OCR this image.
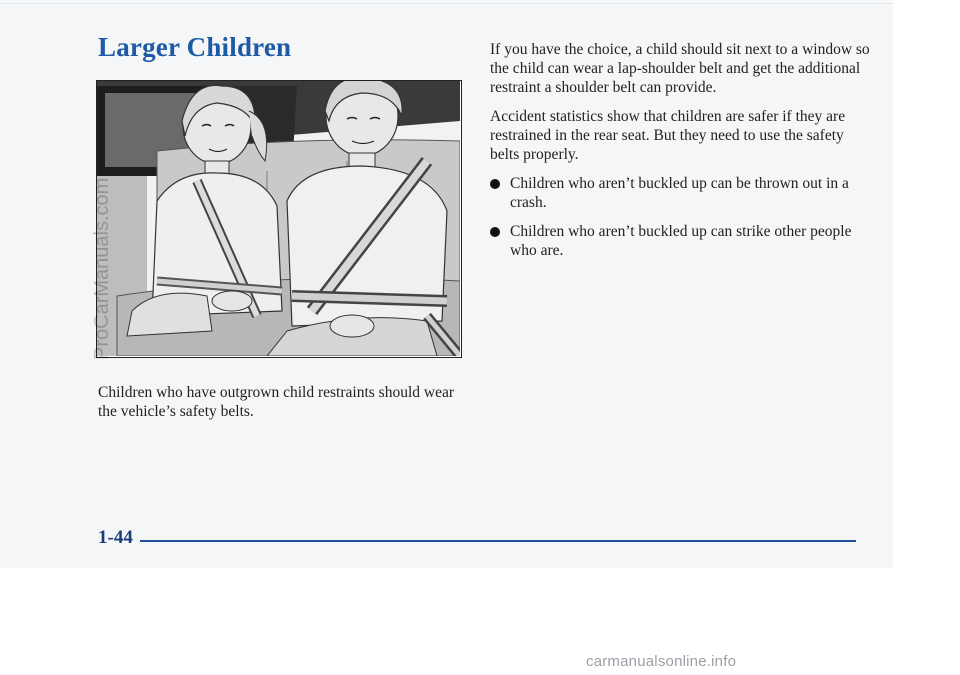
Larger Children
ProCarManuals.com

Children who have outgrown child restraints should wear the vehicle’s safety belts.

If you have the choice, a child should sit next to a window so the child can wear a lap-shoulder belt and get the additional restraint a shoulder belt can provide.

Accident statistics show that children are safer if they are restrained in the rear seat. But they need to use the safety belts properly.

Children who aren’t buckled up can be thrown out in a crash.
Children who aren’t buckled up can strike other people who are.
1-44
carmanualsonline.info
